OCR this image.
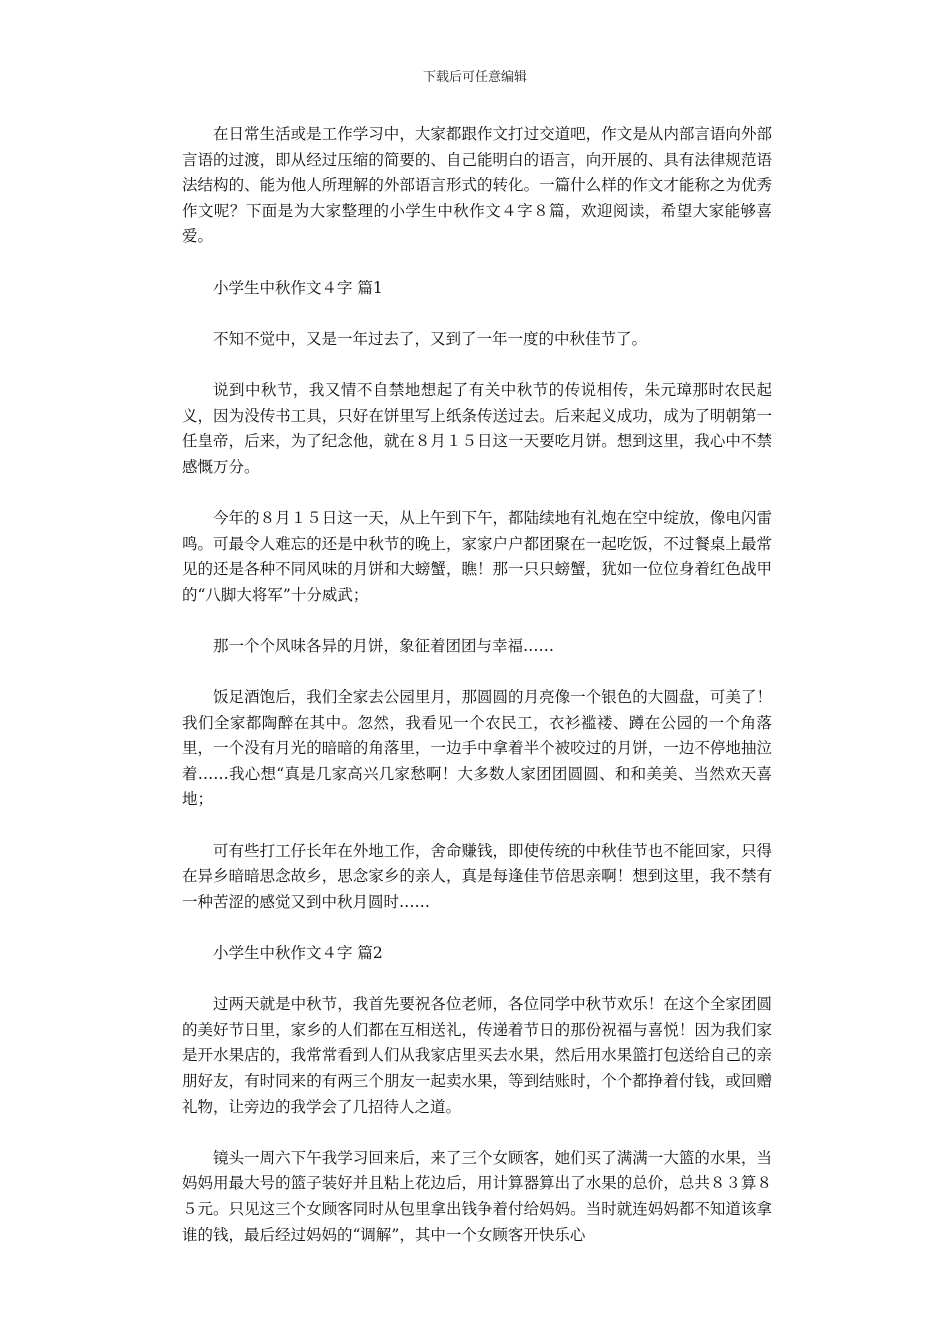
下载后可任意编辑

在日常生活或是工作学习中，大家都跟作文打过交道吧，作文是从内部言语向外部言语的过渡，即从经过压缩的简要的、自己能明白的语言，向开展的、具有法律规范语法结构的、能为他人所理解的外部语言形式的转化。一篇什么样的作文才能称之为优秀作文呢？下面是为大家整理的小学生中秋作文４字８篇，欢迎阅读，希望大家能够喜爱。

小学生中秋作文４字 篇1

不知不觉中，又是一年过去了，又到了一年一度的中秋佳节了。

说到中秋节，我又情不自禁地想起了有关中秋节的传说相传，朱元璋那时农民起义，因为没传书工具，只好在饼里写上纸条传送过去。后来起义成功，成为了明朝第一任皇帝，后来，为了纪念他，就在８月１５日这一天要吃月饼。想到这里，我心中不禁感慨万分。

今年的８月１５日这一天，从上午到下午，都陆续地有礼炮在空中绽放，像电闪雷鸣。可最令人难忘的还是中秋节的晚上，家家户户都团聚在一起吃饭，不过餐桌上最常见的还是各种不同风味的月饼和大螃蟹，瞧！那一只只螃蟹，犹如一位位身着红色战甲的“八脚大将军”十分威武；

那一个个风味各异的月饼，象征着团团与幸福……

饭足酒饱后，我们全家去公园里月，那圆圆的月亮像一个银色的大圆盘，可美了！我们全家都陶醉在其中。忽然，我看见一个农民工，衣衫褴褛、蹲在公园的一个角落里，一个没有月光的暗暗的角落里，一边手中拿着半个被咬过的月饼，一边不停地抽泣着……我心想“真是几家高兴几家愁啊！大多数人家团团圆圆、和和美美、当然欢天喜地；

可有些打工仔长年在外地工作，舍命赚钱，即使传统的中秋佳节也不能回家，只得在异乡暗暗思念故乡，思念家乡的亲人，真是每逢佳节倍思亲啊！想到这里，我不禁有一种苦涩的感觉又到中秋月圆时……

小学生中秋作文４字 篇2

过两天就是中秋节，我首先要祝各位老师，各位同学中秋节欢乐！在这个全家团圆的美好节日里，家乡的人们都在互相送礼，传递着节日的那份祝福与喜悦！因为我们家是开水果店的，我常常看到人们从我家店里买去水果，然后用水果篮打包送给自己的亲朋好友，有时同来的有两三个朋友一起卖水果，等到结账时，个个都挣着付钱，或回赠礼物，让旁边的我学会了几招待人之道。

镜头一周六下午我学习回来后，来了三个女顾客，她们买了满满一大篮的水果，当妈妈用最大号的篮子装好并且粘上花边后，用计算器算出了水果的总价，总共８３算８５元。只见这三个女顾客同时从包里拿出钱争着付给妈妈。当时就连妈妈都不知道该拿谁的钱，最后经过妈妈的“调解”，其中一个女顾客开快乐心
